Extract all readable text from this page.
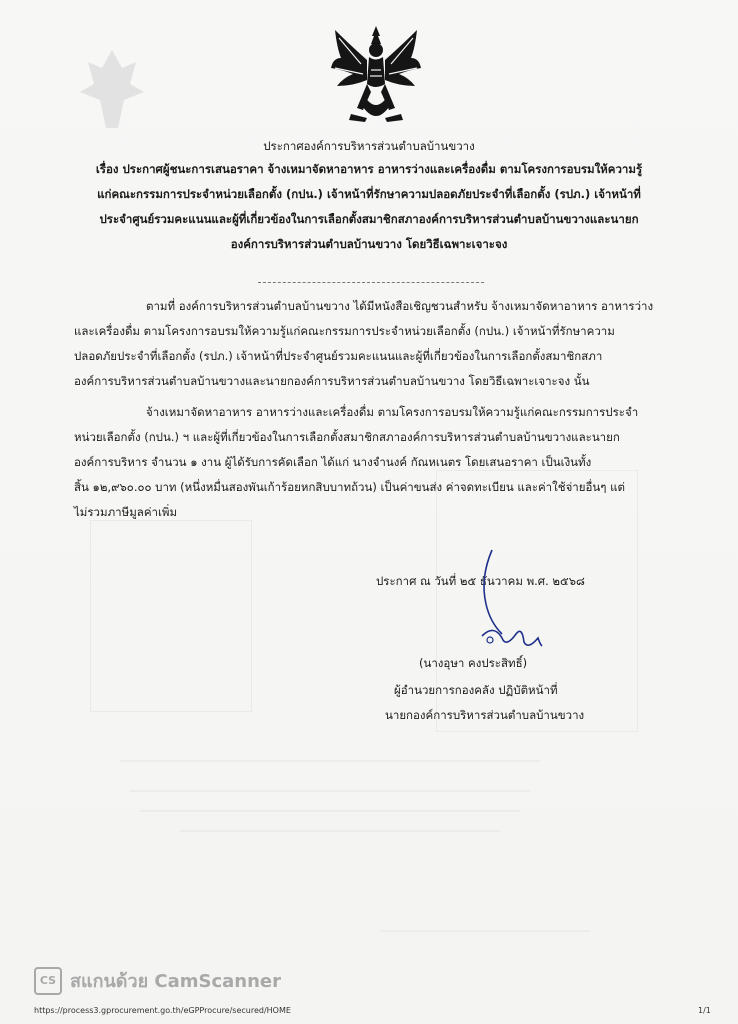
ประกาศองค์การบริหารส่วนตำบลบ้านขวาง
เรื่อง ประกาศผู้ชนะการเสนอราคา จ้างเหมาจัดหาอาหาร อาหารว่างและเครื่องดื่ม ตามโครงการอบรมให้ความรู้
แก่คณะกรรมการประจำหน่วยเลือกตั้ง (กปน.) เจ้าหน้าที่รักษาความปลอดภัยประจำที่เลือกตั้ง (รปภ.) เจ้าหน้าที่
ประจำศูนย์รวมคะแนนและผู้ที่เกี่ยวข้องในการเลือกตั้งสมาชิกสภาองค์การบริหารส่วนตำบลบ้านขวางและนายก
องค์การบริหารส่วนตำบลบ้านขวาง โดยวิธีเฉพาะเจาะจง
ตามที่ องค์การบริหารส่วนตำบลบ้านขวาง ได้มีหนังสือเชิญชวนสำหรับ จ้างเหมาจัดหาอาหาร อาหารว่าง
และเครื่องดื่ม ตามโครงการอบรมให้ความรู้แก่คณะกรรมการประจำหน่วยเลือกตั้ง (กปน.) เจ้าหน้าที่รักษาความ
ปลอดภัยประจำที่เลือกตั้ง (รปภ.) เจ้าหน้าที่ประจำศูนย์รวมคะแนนและผู้ที่เกี่ยวข้องในการเลือกตั้งสมาชิกสภา
องค์การบริหารส่วนตำบลบ้านขวางและนายกองค์การบริหารส่วนตำบลบ้านขวาง โดยวิธีเฉพาะเจาะจง นั้น
จ้างเหมาจัดหาอาหาร อาหารว่างและเครื่องดื่ม ตามโครงการอบรมให้ความรู้แก่คณะกรรมการประจำ
หน่วยเลือกตั้ง (กปน.) ฯ และผู้ที่เกี่ยวข้องในการเลือกตั้งสมาชิกสภาองค์การบริหารส่วนตำบลบ้านขวางและนายก
องค์การบริหาร จำนวน ๑ งาน ผู้ได้รับการคัดเลือก ได้แก่ นางจำนงค์ กัณหเนตร โดยเสนอราคา เป็นเงินทั้ง
สิ้น ๑๒,๙๖๐.๐๐ บาท (หนึ่งหมื่นสองพันเก้าร้อยหกสิบบาทถ้วน) เป็นค่าขนส่ง ค่าจดทะเบียน และค่าใช้จ่ายอื่นๆ แต่
ไม่รวมภาษีมูลค่าเพิ่ม
ประกาศ ณ วันที่ ๒๕ ธันวาคม พ.ศ. ๒๕๖๘
(นางอุษา คงประสิทธิ์)
ผู้อำนวยการกองคลัง ปฏิบัติหน้าที่
นายกองค์การบริหารส่วนตำบลบ้านขวาง
CS สแกนด้วย CamScanner
https://process3.gprocurement.go.th/eGPProcure/secured/HOME	1/1
